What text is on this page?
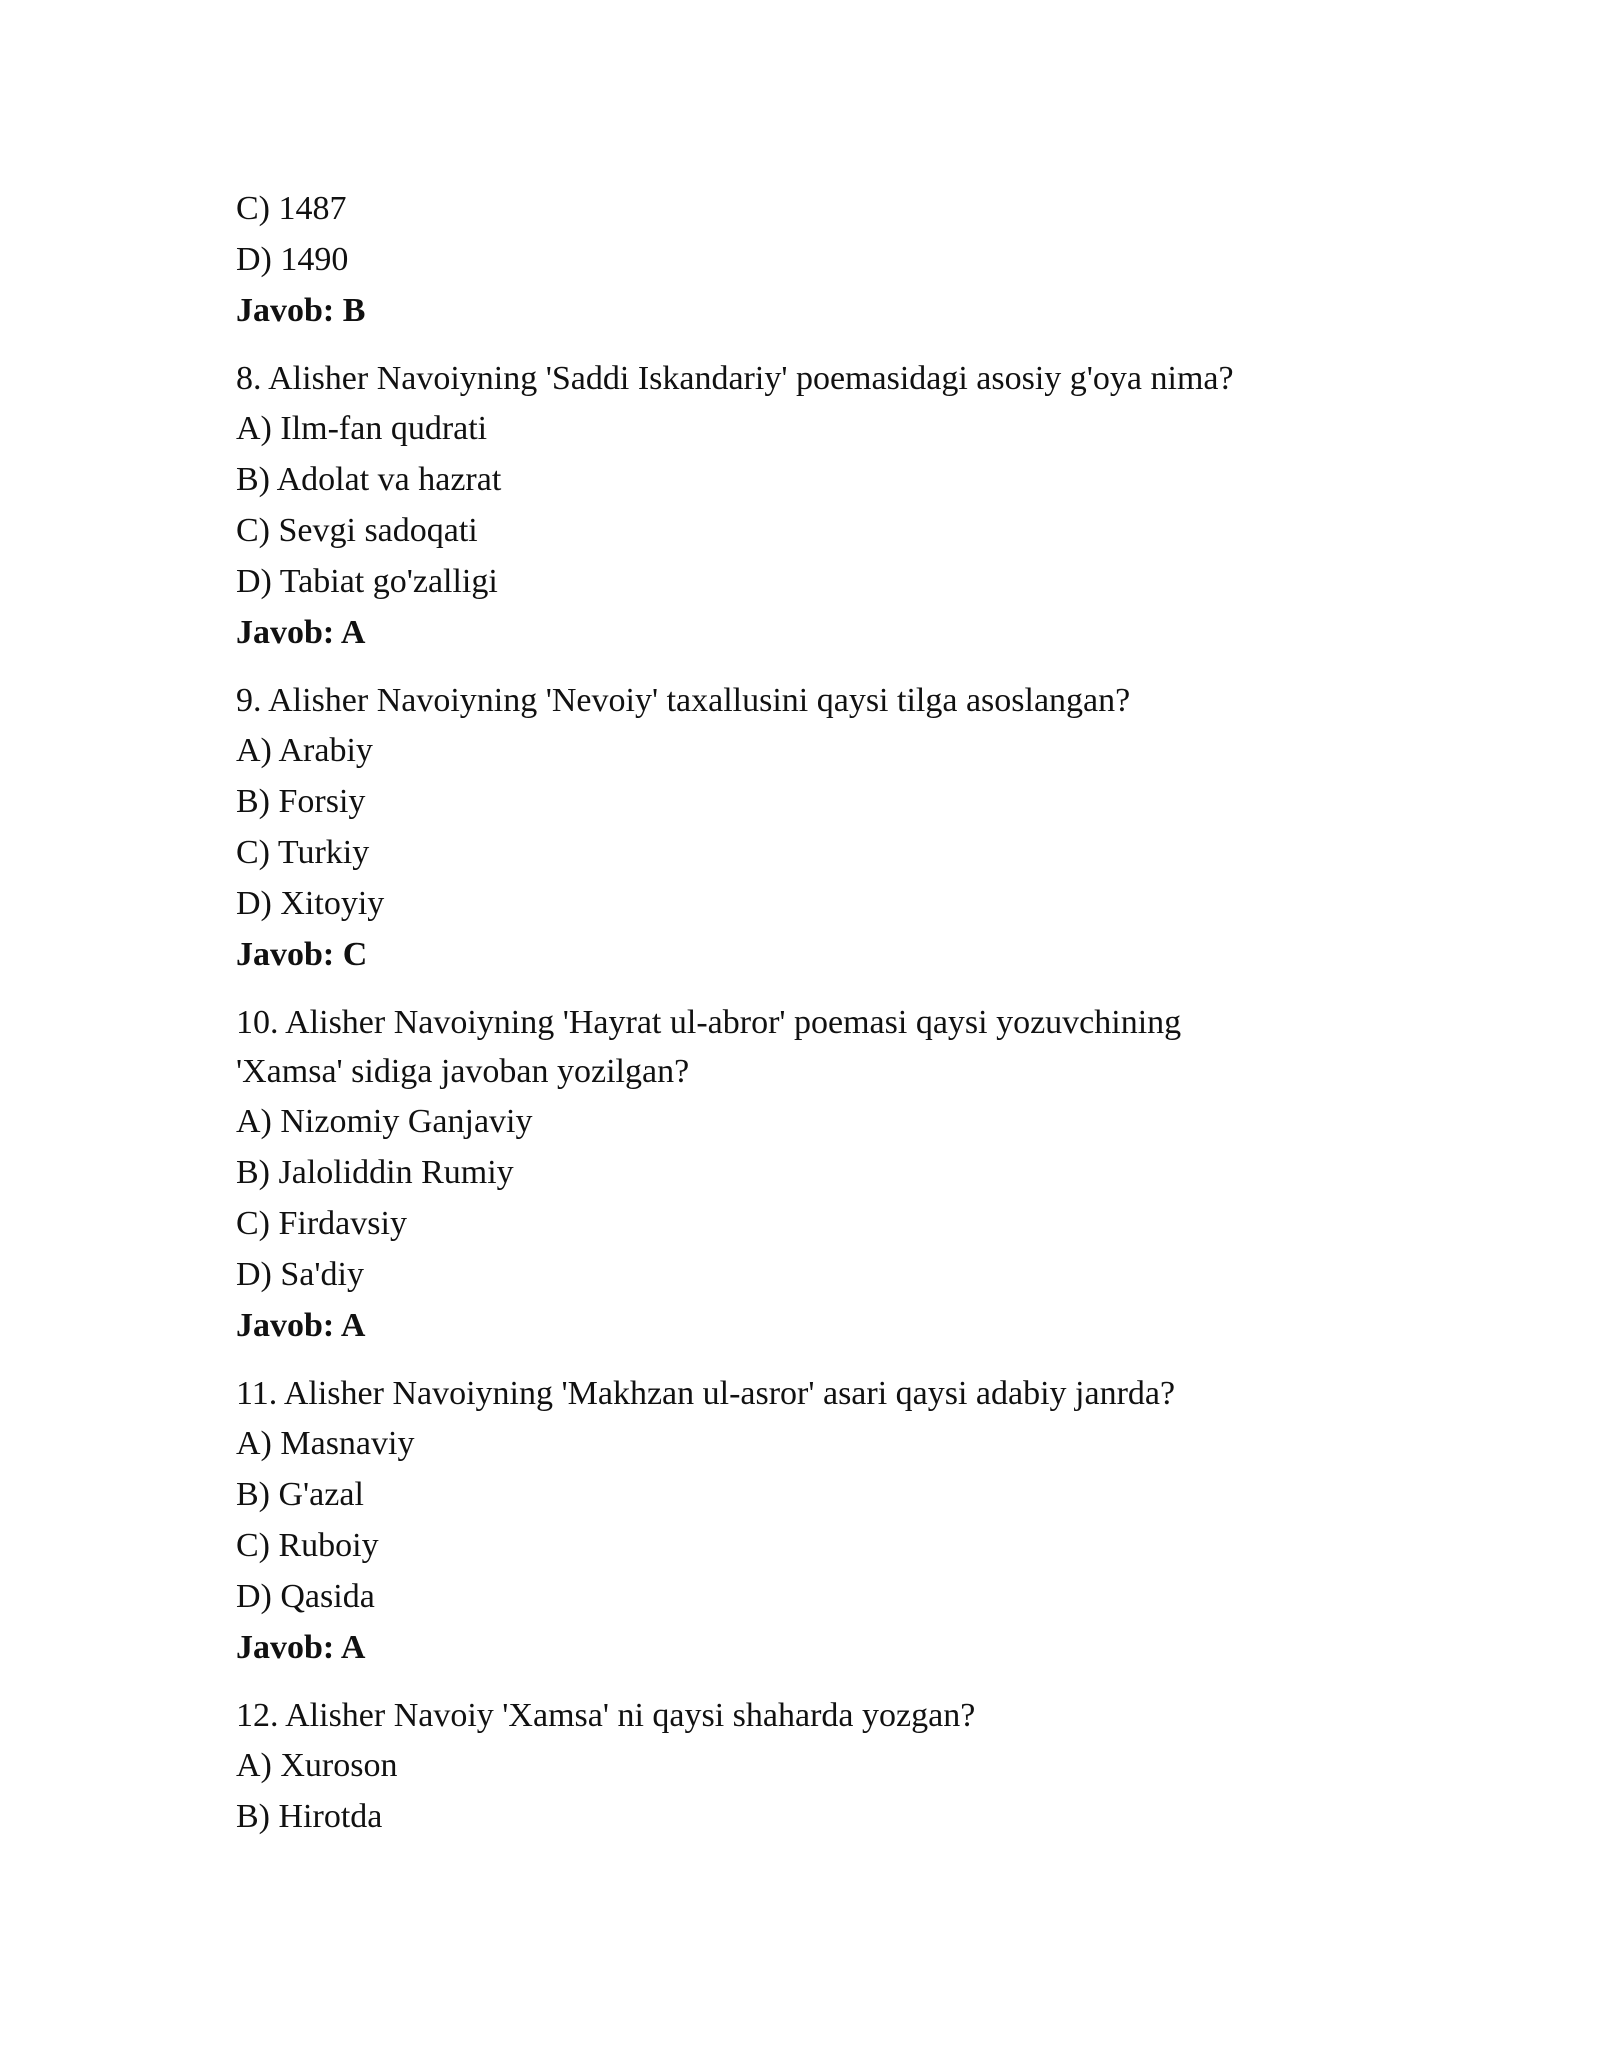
C) 1487

D) 1490

Javob: B

8. Alisher Navoiyning 'Saddi Iskandariy' poemasidagi asosiy g'oya nima?

A) Ilm-fan qudrati

B) Adolat va hazrat

C) Sevgi sadoqati

D) Tabiat go'zalligi

Javob: A

9. Alisher Navoiyning 'Nevoiy' taxallusini qaysi tilga asoslangan?

A) Arabiy

B) Forsiy

C) Turkiy

D) Xitoyiy

Javob: C

10. Alisher Navoiyning 'Hayrat ul-abror' poemasi qaysi yozuvchining

'Xamsa' sidiga javoban yozilgan?

A) Nizomiy Ganjaviy

B) Jaloliddin Rumiy

C) Firdavsiy

D) Sa'diy

Javob: A

11. Alisher Navoiyning 'Makhzan ul-asror' asari qaysi adabiy janrda?

A) Masnaviy

B) G'azal

C) Ruboiy

D) Qasida

Javob: A

12. Alisher Navoiy 'Xamsa' ni qaysi shaharda yozgan?

A) Xuroson

B) Hirotda
